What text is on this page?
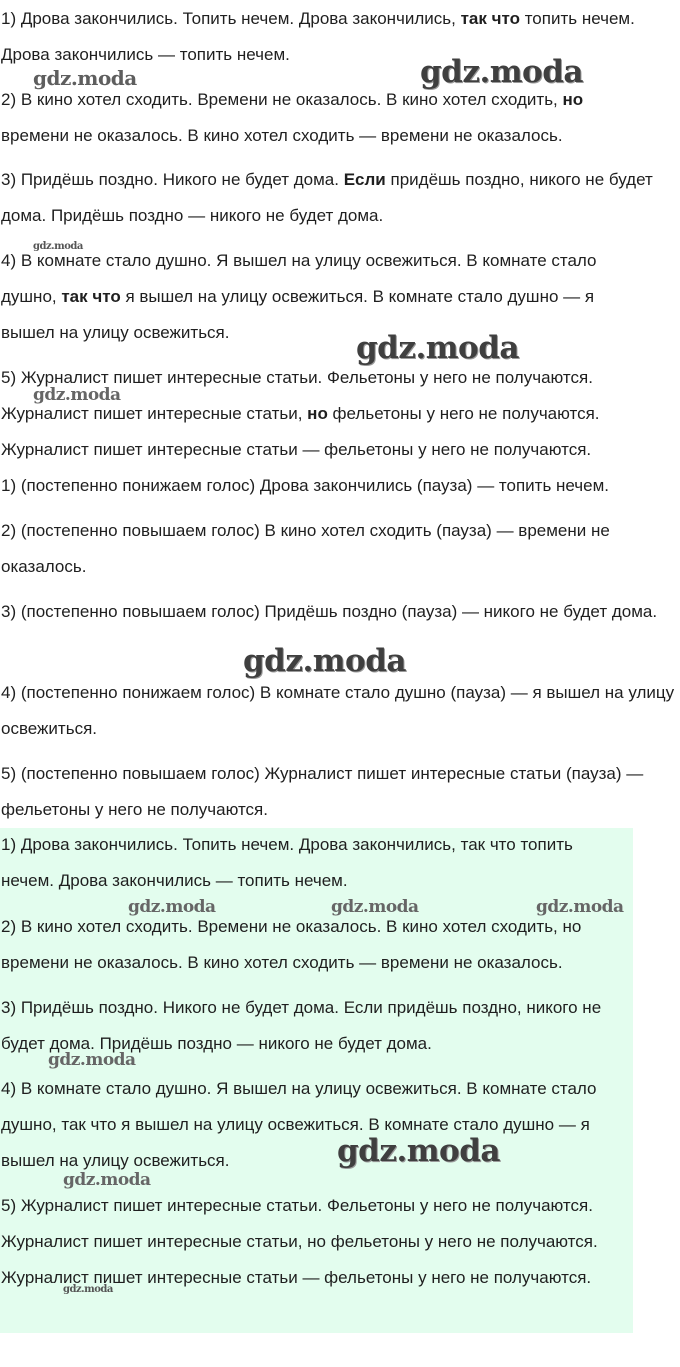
1) Дрова закончились. Топить нечем. Дрова закончились, так что топить нечем. Дрова закончились — топить нечем.
2) В кино хотел сходить. Времени не оказалось. В кино хотел сходить, но времени не оказалось. В кино хотел сходить — времени не оказалось.
3) Придёшь поздно. Никого не будет дома. Если придёшь поздно, никого не будет дома. Придёшь поздно — никого не будет дома.
4) В комнате стало душно. Я вышел на улицу освежиться. В комнате стало душно, так что я вышел на улицу освежиться. В комнате стало душно — я вышел на улицу освежиться.
5) Журналист пишет интересные статьи. Фельетоны у него не получаются. Журналист пишет интересные статьи, но фельетоны у него не получаются. Журналист пишет интересные статьи — фельетоны у него не получаются.
1) (постепенно понижаем голос) Дрова закончились (пауза) — топить нечем.
2) (постепенно повышаем голос) В кино хотел сходить (пауза) — времени не оказалось.
3) (постепенно повышаем голос) Придёшь поздно (пауза) — никого не будет дома.
4) (постепенно понижаем голос) В комнате стало душно (пауза) — я вышел на улицу освежиться.
5) (постепенно повышаем голос) Журналист пишет интересные статьи (пауза) — фельетоны у него не получаются.
1) Дрова закончились. Топить нечем. Дрова закончились, так что топить нечем. Дрова закончились — топить нечем.
2) В кино хотел сходить. Времени не оказалось. В кино хотел сходить, но времени не оказалось. В кино хотел сходить — времени не оказалось.
3) Придёшь поздно. Никого не будет дома. Если придёшь поздно, никого не будет дома. Придёшь поздно — никого не будет дома.
4) В комнате стало душно. Я вышел на улицу освежиться. В комнате стало душно, так что я вышел на улицу освежиться. В комнате стало душно — я вышел на улицу освежиться.
5) Журналист пишет интересные статьи. Фельетоны у него не получаются. Журналист пишет интересные статьи, но фельетоны у него не получаются. Журналист пишет интересные статьи — фельетоны у него не получаются.
gdz.moda	gdz.moda
gdz.moda
gdz.moda
gdz.moda
gdz.moda
gdz.moda	gdz.moda	gdz.moda
gdz.moda
gdz.moda
gdz.moda
gdz.moda
